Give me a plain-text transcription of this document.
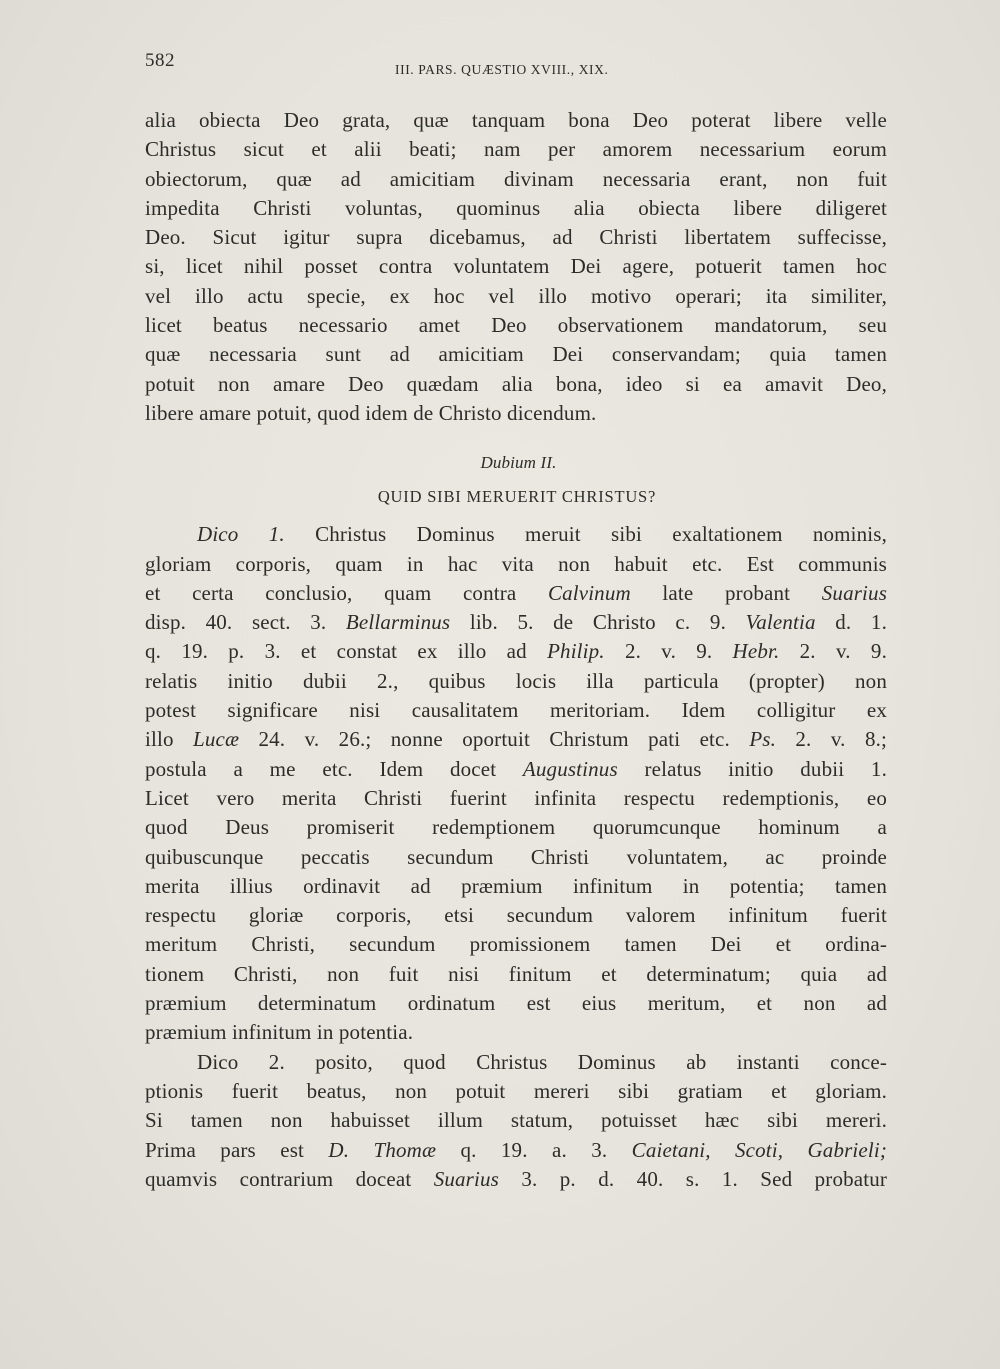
582	III. PARS. QUÆSTIO XVIII., XIX.
alia obiecta Deo grata, quæ tanquam bona Deo poterat libere velle
Christus sicut et alii beati; nam per amorem necessarium eorum
obiectorum, quæ ad amicitiam divinam necessaria erant, non fuit
impedita Christi voluntas, quominus alia obiecta libere diligeret
Deo. Sicut igitur supra dicebamus, ad Christi libertatem suffecisse,
si, licet nihil posset contra voluntatem Dei agere, potuerit tamen hoc
vel illo actu specie, ex hoc vel illo motivo operari; ita similiter,
licet beatus necessario amet Deo observationem mandatorum, seu
quæ necessaria sunt ad amicitiam Dei conservandam; quia tamen
potuit non amare Deo quædam alia bona, ideo si ea amavit Deo,
libere amare potuit, quod idem de Christo dicendum.
Dubium II.
QUID SIBI MERUERIT CHRISTUS?
Dico 1. Christus Dominus meruit sibi exaltationem nominis,
gloriam corporis, quam in hac vita non habuit etc. Est communis
et certa conclusio, quam contra Calvinum late probant Suarius
disp. 40. sect. 3. Bellarminus lib. 5. de Christo c. 9. Valentia d. 1.
q. 19. p. 3. et constat ex illo ad Philip. 2. v. 9. Hebr. 2. v. 9.
relatis initio dubii 2., quibus locis illa particula (propter) non
potest significare nisi causalitatem meritoriam. Idem colligitur ex
illo Lucæ 24. v. 26.; nonne oportuit Christum pati etc. Ps. 2. v. 8.;
postula a me etc. Idem docet Augustinus relatus initio dubii 1.
Licet vero merita Christi fuerint infinita respectu redemptionis, eo
quod Deus promiserit redemptionem quorumcunque hominum a
quibuscunque peccatis secundum Christi voluntatem, ac proinde
merita illius ordinavit ad præmium infinitum in potentia; tamen
respectu gloriæ corporis, etsi secundum valorem infinitum fuerit
meritum Christi, secundum promissionem tamen Dei et ordina-
tionem Christi, non fuit nisi finitum et determinatum; quia ad
præmium determinatum ordinatum est eius meritum, et non ad
præmium infinitum in potentia.
Dico 2. posito, quod Christus Dominus ab instanti conce-
ptionis fuerit beatus, non potuit mereri sibi gratiam et gloriam.
Si tamen non habuisset illum statum, potuisset hæc sibi mereri.
Prima pars est D. Thomæ q. 19. a. 3. Caietani, Scoti, Gabrieli;
quamvis contrarium doceat Suarius 3. p. d. 40. s. 1. Sed probatur
